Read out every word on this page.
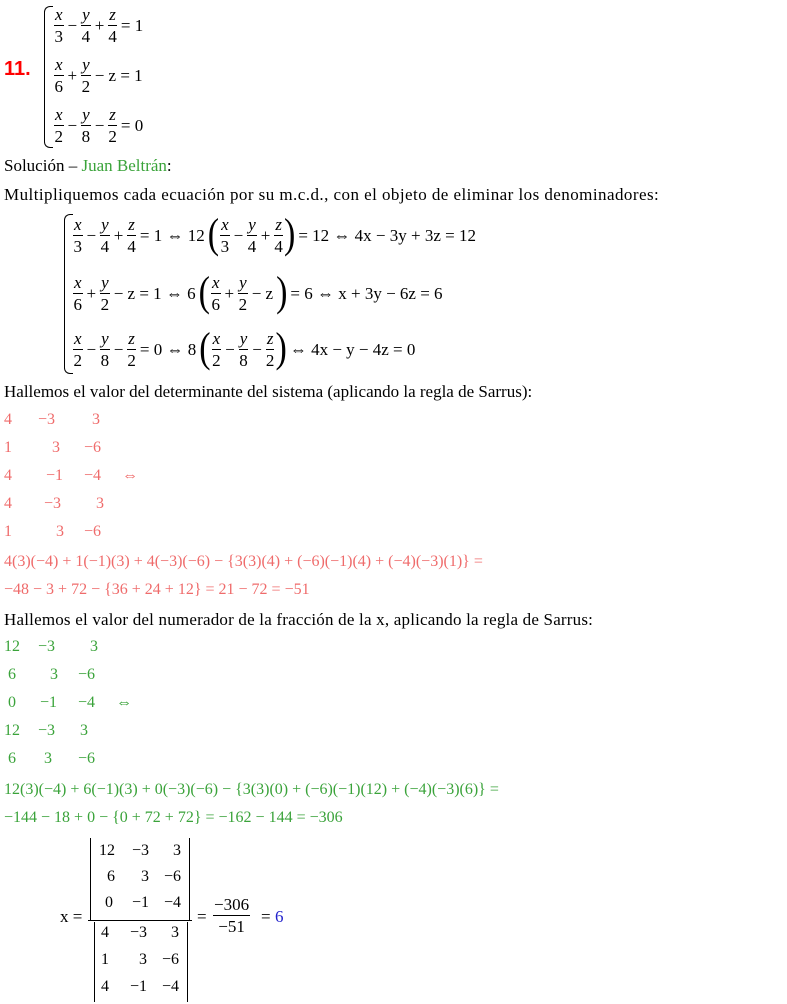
11.
$\frac{x}{3} - \frac{y}{4} + \frac{z}{4} = 1$
$\frac{x}{6} + \frac{y}{2} - z = 1$
$\frac{x}{2} - \frac{y}{8} - \frac{z}{2} = 0$
Solución – Juan Beltrán:
Multipliquemos cada ecuación por su m.c.d., con el objeto de eliminar los denominadores:
$\frac{x}{3} - \frac{y}{4} + \frac{z}{4} = 1$ ⇔ 12 ( $\frac{x}{3} - \frac{y}{4} + \frac{z}{4}$ ) = 12 ⇔ 4x − 3y + 3z = 12
$\frac{x}{6} + \frac{y}{2} - z = 1$ ⇔ 6 ( $\frac{x}{6} + \frac{y}{2} - z$ ) = 6 ⇔ x + 3y − 6z = 6
$\frac{x}{2} - \frac{y}{8} - \frac{z}{2} = 0$ ⇔ 8 ( $\frac{x}{2} - \frac{y}{8} - \frac{z}{2}$ ) ⇔ 4x − y − 4z = 0
Hallemos el valor del determinante del sistema (aplicando la regla de Sarrus):
4 −3 3
1	3 −6
4 −1 −4 ⇔
4 −3 3
1	3 −6
4(3)(−4) + 1(−1)(3) + 4(−3)(−6) − {3(3)(4) + (−6)(−1)(4) + (−4)(−3)(1)} =
−48 − 3 + 72 − {36 + 24 + 12} = 21 − 72 = −51
Hallemos el valor del numerador de la fracción de la x, aplicando la regla de Sarrus:
12 −3 3
6 3 −6
0 −1 −4 ⇔
12 −3 3
6 3 −6
12(3)(−4) + 6(−1)(3) + 0(−3)(−6) − {3(3)(0) + (−6)(−1)(12) + (−4)(−3)(6)} =
−144 − 18 + 0 − {0 + 72 + 72} = −162 − 144 = −306
x =
12	−3	3
6	3 −6
0	−1 −4
4	−3	3
1	3 −6
4	−1 −4
= $\frac{-306}{-51} = 6$
